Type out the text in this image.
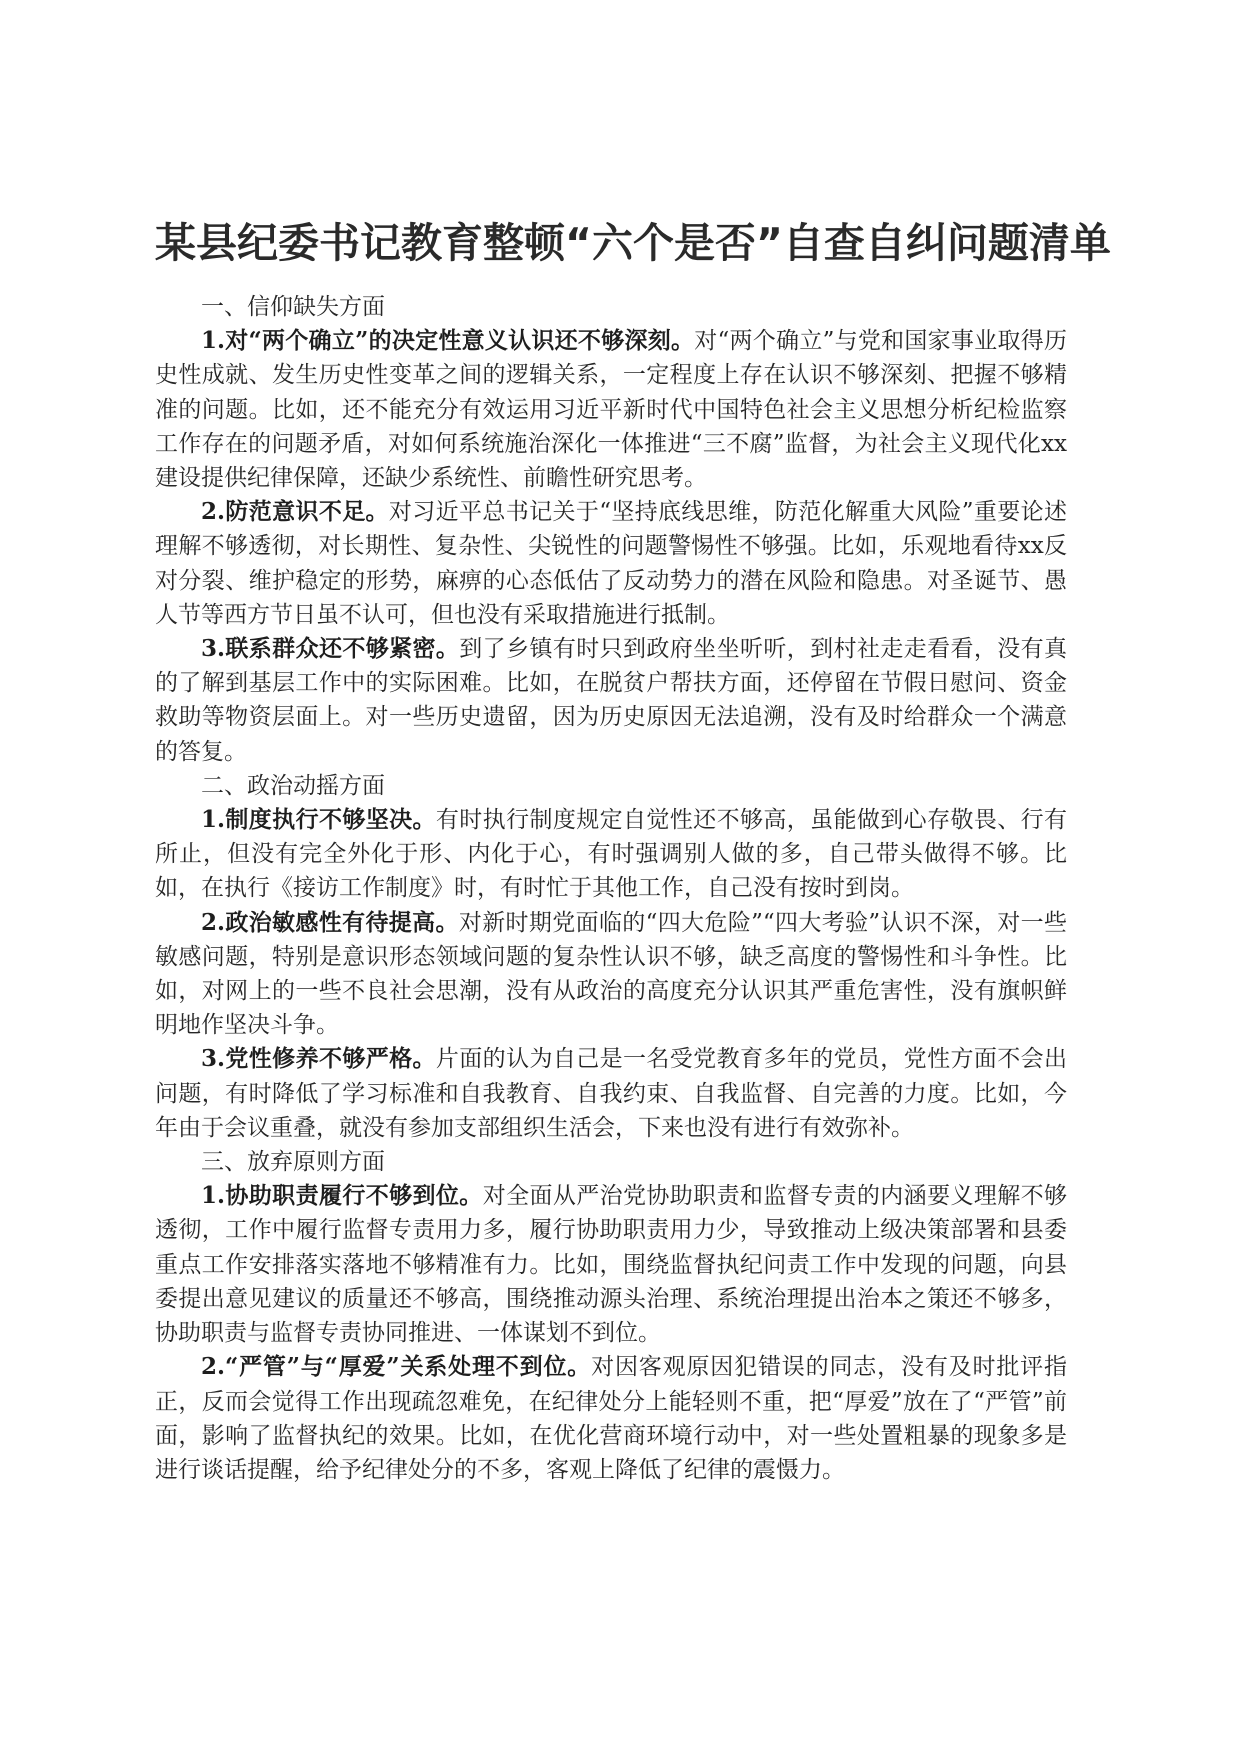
某县纪委书记教育整顿“六个是否”自查自纠问题清单

一、信仰缺失方面

1.对“两个确立”的决定性意义认识还不够深刻。对“两个确立”与党和国家事业取得历史性成就、发生历史性变革之间的逻辑关系，一定程度上存在认识不够深刻、把握不够精准的问题。比如，还不能充分有效运用习近平新时代中国特色社会主义思想分析纪检监察工作存在的问题矛盾，对如何系统施治深化一体推进“三不腐”监督，为社会主义现代化xx建设提供纪律保障，还缺少系统性、前瞻性研究思考。

2.防范意识不足。对习近平总书记关于“坚持底线思维，防范化解重大风险”重要论述理解不够透彻，对长期性、复杂性、尖锐性的问题警惕性不够强。比如，乐观地看待xx反对分裂、维护稳定的形势，麻痹的心态低估了反动势力的潜在风险和隐患。对圣诞节、愚人节等西方节日虽不认可，但也没有采取措施进行抵制。

3.联系群众还不够紧密。到了乡镇有时只到政府坐坐听听，到村社走走看看，没有真的了解到基层工作中的实际困难。比如，在脱贫户帮扶方面，还停留在节假日慰问、资金救助等物资层面上。对一些历史遗留，因为历史原因无法追溯，没有及时给群众一个满意的答复。

二、政治动摇方面

1.制度执行不够坚决。有时执行制度规定自觉性还不够高，虽能做到心存敬畏、行有所止，但没有完全外化于形、内化于心，有时强调别人做的多，自己带头做得不够。比如，在执行《接访工作制度》时，有时忙于其他工作，自己没有按时到岗。

2.政治敏感性有待提高。对新时期党面临的“四大危险”“四大考验”认识不深，对一些敏感问题，特别是意识形态领域问题的复杂性认识不够，缺乏高度的警惕性和斗争性。比如，对网上的一些不良社会思潮，没有从政治的高度充分认识其严重危害性，没有旗帜鲜明地作坚决斗争。

3.党性修养不够严格。片面的认为自己是一名受党教育多年的党员，党性方面不会出问题，有时降低了学习标准和自我教育、自我约束、自我监督、自完善的力度。比如，今年由于会议重叠，就没有参加支部组织生活会，下来也没有进行有效弥补。

三、放弃原则方面

1.协助职责履行不够到位。对全面从严治党协助职责和监督专责的内涵要义理解不够透彻，工作中履行监督专责用力多，履行协助职责用力少，导致推动上级决策部署和县委重点工作安排落实落地不够精准有力。比如，围绕监督执纪问责工作中发现的问题，向县委提出意见建议的质量还不够高，围绕推动源头治理、系统治理提出治本之策还不够多，协助职责与监督专责协同推进、一体谋划不到位。

2.“严管”与“厚爱”关系处理不到位。对因客观原因犯错误的同志，没有及时批评指正，反而会觉得工作出现疏忽难免，在纪律处分上能轻则不重，把“厚爱”放在了“严管”前面，影响了监督执纪的效果。比如，在优化营商环境行动中，对一些处置粗暴的现象多是进行谈话提醒，给予纪律处分的不多，客观上降低了纪律的震慑力。
